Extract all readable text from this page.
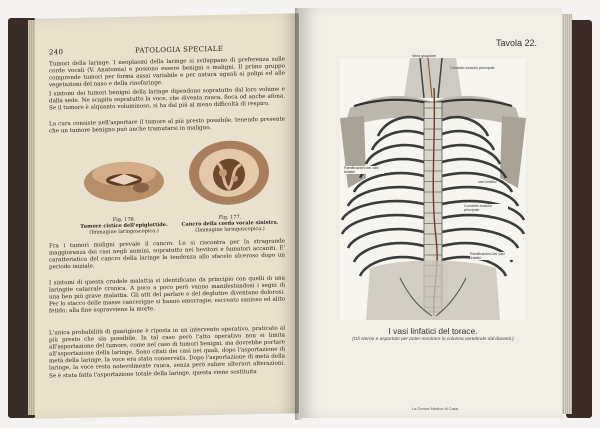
240	PATOLOGIA SPECIALE
Tumori della laringe. I neoplasmi della laringe si sviluppano di preferenza sulle corde vocali (V. Anatomia) e possono essere benigni o maligni. Il primo gruppo comprende tumori per forma assai variabile e per natura uguali ai polipi ed alle vegetazioni del naso e della rinofaringe.
I sintomi dei tumori benigni della laringe dipendono sopratutto dal loro volume e dalla sede. Ne scapita sopratutto la voce, che diventa rauca, fioca od anche afona. Se il tumore è alquanto voluminoso, si ha dal più al meno difficoltà di respiro.
La cura consiste nell'asportare il tumore al più presto possibile, tenendo presente che un tumore benigno può anche tramutarsi in maligno.
Fig. 176.
Tumore cistico dell'epiglottide.
(Immagine laringoscopica.)
Fig. 177.
Cancro della corda vocale sinistra.
(Immagine laringoscopica.)
Fra i tumori maligni prevale il cancro. Lo si riscontra per la stragrande maggioranza dei casi negli uomini, sopratutto nei bevitori e fumatori accaniti. E' caratteristica del cancro della laringe la tendenza allo sfacelo ulceroso dopo un periodo iniziale.
I sintomi di questa crudele malattia si identificano da principio con quelli di una laringite catarrale cronica. A poco a poco però vanno manifestandosi i segni di una ben più grave malattia. Gli atti del parlare e del deglutire diventano dolorosi. Per lo stacco delle masse cancerigne si hanno emorragie, escreato sanioso ed alito fetido; alla fine sopravviene la morte.
L'unica probabilità di guarigione è riposta in un intervento operativo, praticato al più presto che sia possibile. In tal caso però l'atto operativo non si limita all'asportazione del tumore, come nel caso di tumori benigni, ma dovrebbe portare all'asportazione della laringe. Sono citati dei casi nei quali, dopo l'asportazione di metà della laringe, la voce era stata conservata. Dopo l'asportazione di metà della laringe, la voce resta notevolmente rauca, senza però subire ulteriori alterazioni. Se è stata fatta l'asportazione totale della laringe, questa viene sostituita
Tavola 22.
Vena giugulare
Condotto toracico principale
Ramificazioni dei vasi linfatici
vasi linfatici
Condotto toracico principale
Ramificazioni dei vasi linfatici
I vasi linfatici del torace.
(Gli sterno e asportato per poter mostrare la colonna vertebrale dal davanti.)
La Donna Medico di Casa
